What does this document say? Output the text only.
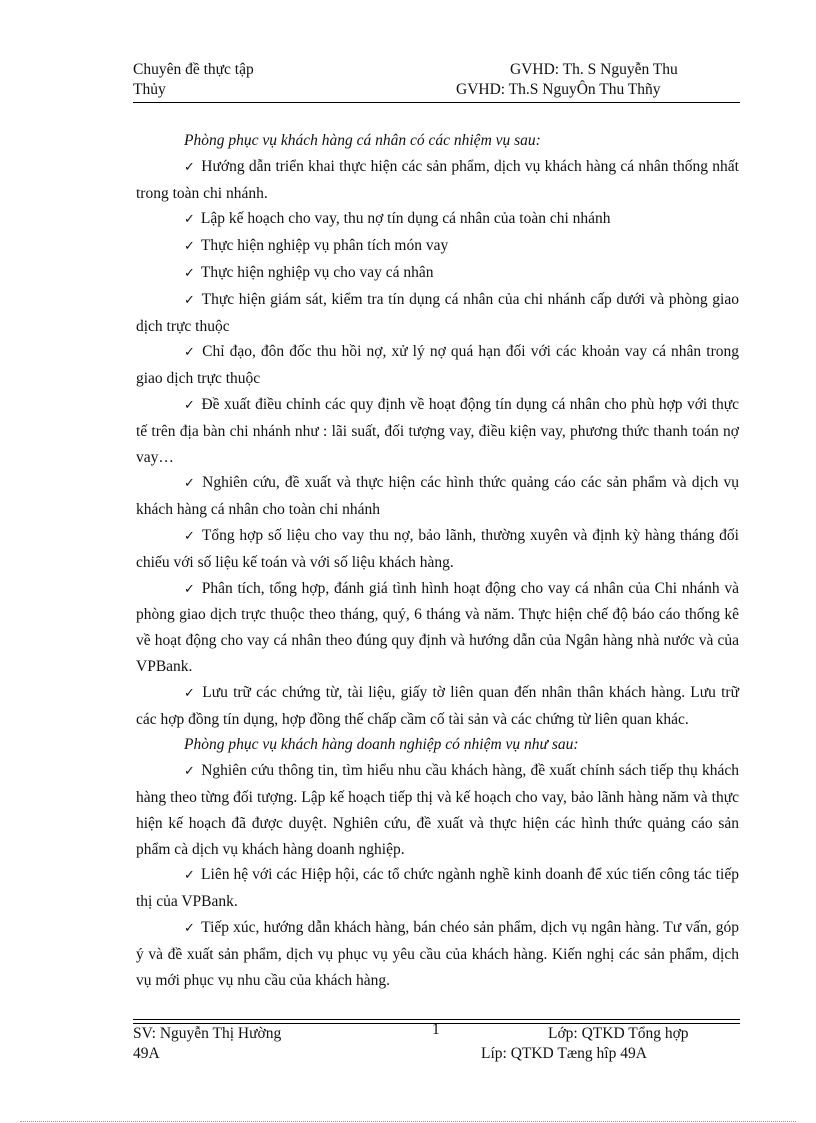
Chuyên đề thực tập
Thủy
GVHD: Th. S Nguyễn Thu
GVHD: Th.S NguyÔn Thu Thñy

Phòng phục vụ khách hàng cá nhân có các nhiệm vụ sau:

✓ Hướng dẫn triển khai thực hiện các sản phẩm, dịch vụ khách hàng cá nhân thống nhất trong toàn chi nhánh.

✓ Lập kế hoạch cho vay, thu nợ tín dụng cá nhân của toàn chi nhánh

✓ Thực hiện nghiệp vụ phân tích món vay

✓ Thực hiện nghiệp vụ cho vay cá nhân

✓ Thực hiện giám sát, kiểm tra tín dụng cá nhân của chi nhánh cấp dưới và phòng giao dịch trực thuộc

✓ Chỉ đạo, đôn đốc thu hồi nợ, xử lý nợ quá hạn đối với các khoản vay cá nhân trong giao dịch trực thuộc

✓ Đề xuất điều chỉnh các quy định về hoạt động tín dụng cá nhân cho phù hợp với thực tế trên địa bàn chi nhánh như : lãi suất, đối tượng vay, điều kiện vay, phương thức thanh toán nợ vay…

✓ Nghiên cứu, đề xuất và thực hiện các hình thức quảng cáo các sản phẩm và dịch vụ khách hàng cá nhân cho toàn chi nhánh

✓ Tổng hợp số liệu cho vay thu nợ, bảo lãnh, thường xuyên và định kỳ hàng tháng đối chiếu với số liệu kế toán và với số liệu khách hàng.

✓ Phân tích, tổng hợp, đánh giá tình hình hoạt động cho vay cá nhân của Chi nhánh và phòng giao dịch trực thuộc theo tháng, quý, 6 tháng và năm. Thực hiện chế độ báo cáo thống kê về hoạt động cho vay cá nhân theo đúng quy định và hướng dẫn của Ngân hàng nhà nước và của VPBank.

✓ Lưu trữ các chứng từ, tài liệu, giấy tờ liên quan đến nhân thân khách hàng. Lưu trữ các hợp đồng tín dụng, hợp đồng thế chấp cầm cố tài sản và các chứng từ liên quan khác.

Phòng phục vụ khách hàng doanh nghiệp có nhiệm vụ như sau:

✓ Nghiên cứu thông tin, tìm hiểu nhu cầu khách hàng, đề xuất chính sách tiếp thụ khách hàng theo từng đối tượng. Lập kế hoạch tiếp thị và kế hoạch cho vay, bảo lãnh hàng năm và thực hiện kế hoạch đã được duyệt. Nghiên cứu, đề xuất và thực hiện các hình thức quảng cáo sản phẩm cà dịch vụ khách hàng doanh nghiệp.

✓ Liên hệ với các Hiệp hội, các tổ chức ngành nghề kinh doanh để xúc tiến công tác tiếp thị của VPBank.

✓ Tiếp xúc, hướng dẫn khách hàng, bán chéo sản phẩm, dịch vụ ngân hàng. Tư vấn, góp ý và đề xuất sản phẩm, dịch vụ phục vụ yêu cầu của khách hàng. Kiến nghị các sản phẩm, dịch vụ mới phục vụ nhu cầu của khách hàng.

SV: Nguyễn Thị Hường
49A
1	Lớp: QTKD Tổng hợp
Líp: QTKD Tæng hîp 49A
